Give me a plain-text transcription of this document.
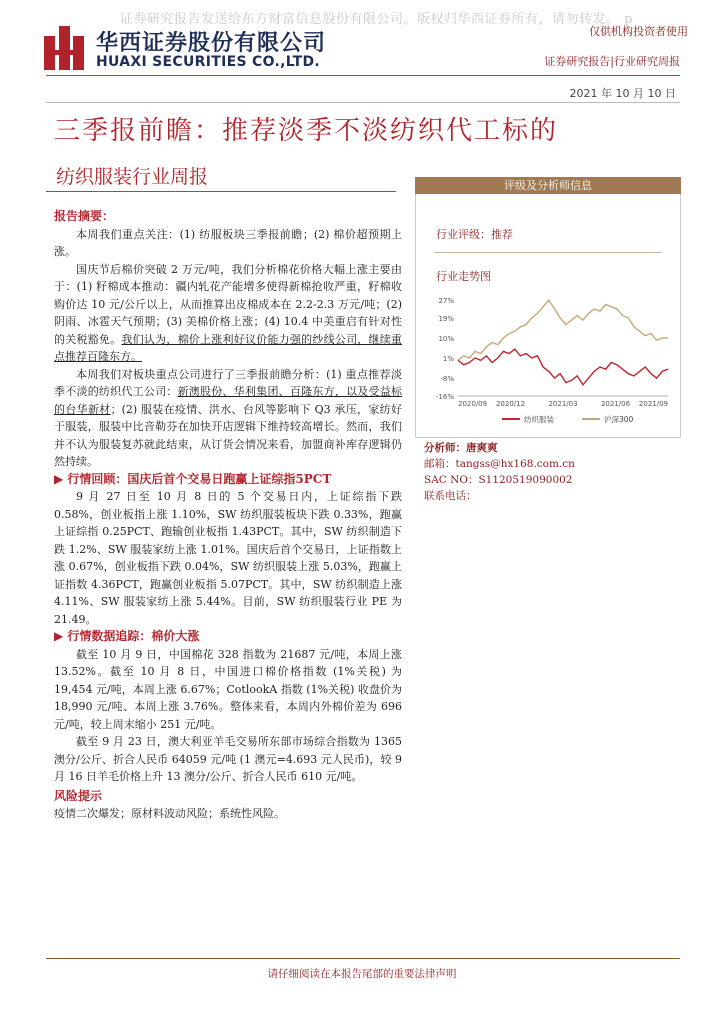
证券研究报告发送给东方财富信息股份有限公司。版权归华西证券所有，请勿转发。 p
华西证券股份有限公司
HUAXI SECURITIES CO.,LTD.
仅供机构投资者使用
证券研究报告|行业研究周报
2021 年 10 月 10 日
三季报前瞻：推荐淡季不淡纺织代工标的
纺织服装行业周报
报告摘要：

本周我们重点关注：(1) 纺服板块三季报前瞻；(2) 棉价超预期上涨。

国庆节后棉价突破 2 万元/吨，我们分析棉花价格大幅上涨主要由于：(1) 籽棉成本推动：疆内轧花产能增多使得新棉抢收严重，籽棉收购价达 10 元/公斤以上，从而推算出皮棉成本在 2.2-2.3 万元/吨；(2) 阴雨、冰雹天气预期；(3) 美棉价格上涨；(4) 10.4 中美重启有针对性的关税豁免。我们认为，棉价上涨利好议价能力强的纱线公司，继续重点推荐百隆东方。

本周我们对板块重点公司进行了三季报前瞻分析：(1) 重点推荐淡季不淡的纺织代工公司：新澳股份、华利集团、百隆东方，以及受益标的台华新材；(2) 服装在疫情、洪水、台风等影响下 Q3 承压，家纺好于服装，服装中比音勒芬在加快开店逻辑下维持较高增长。然而，我们并不认为服装复苏就此结束，从订货会情况来看，加盟商补库存逻辑仍然持续。

▶ 行情回顾：国庆后首个交易日跑赢上证综指5PCT

9 月 27 日至 10 月 8 日的 5 个交易日内，上证综指下跌 0.58%，创业板指上涨 1.10%，SW 纺织服装板块下跌 0.33%，跑赢上证综指 0.25PCT、跑输创业板指 1.43PCT。其中，SW 纺织制造下跌 1.2%、SW 服装家纺上涨 1.01%。国庆后首个交易日，上证指数上涨 0.67%，创业板指下跌 0.04%，SW 纺织服装上涨 5.03%，跑赢上证指数 4.36PCT，跑赢创业板指 5.07PCT。其中，SW 纺织制造上涨 4.11%、SW 服装家纺上涨 5.44%。目前，SW 纺织服装行业 PE 为 21.49。

▶ 行情数据追踪：棉价大涨

截至 10 月 9 日，中国棉花 328 指数为 21687 元/吨，本周上涨 13.52%。截至 10 月 8 日，中国进口棉价格指数 (1%关税) 为 19,454 元/吨，本周上涨 6.67%；CotlookA 指数 (1%关税) 收盘价为 18,990 元/吨、本周上涨 3.76%。整体来看，本周内外棉价差为 696 元/吨，较上周末缩小 251 元/吨。

截至 9 月 23 日，澳大利亚羊毛交易所东部市场综合指数为 1365 澳分/公斤、折合人民币 64059 元/吨 (1 澳元=4.693 元人民币)，较 9 月 16 日羊毛价格上升 13 澳分/公斤、折合人民币 610 元/吨。

风险提示

疫情二次爆发；原材料波动风险；系统性风险。

评级及分析师信息
行业评级：推荐
行业走势图
27%
19%
10%
1%
-8%
-16%
2020/09 2020/12	2021/03	2021/06 2021/09
纺织服装	沪深300
分析师：唐爽爽
邮箱：tangss@hx168.com.cn
SAC NO：S1120519090002
联系电话：
请仔细阅读在本报告尾部的重要法律声明
